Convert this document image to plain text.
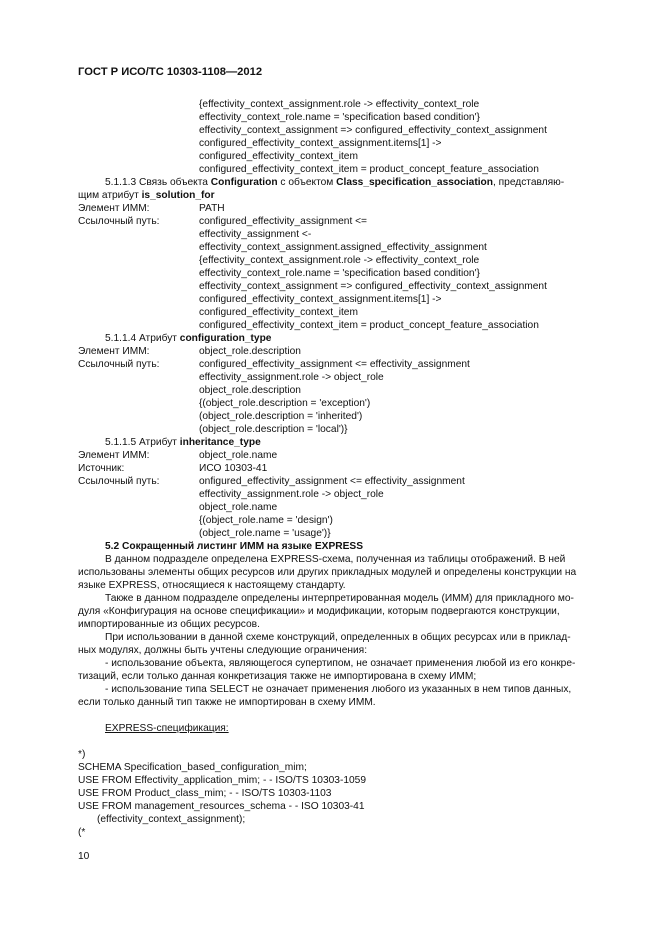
ГОСТ Р ИСО/ТС 10303-1108—2012
{effectivity_context_assignment.role -> effectivity_context_role
effectivity_context_role.name = 'specification based condition'}
effectivity_context_assignment => configured_effectivity_context_assignment
configured_effectivity_context_assignment.items[1] ->
configured_effectivity_context_item
configured_effectivity_context_item = product_concept_feature_association
5.1.1.3 Связь объекта Configuration с объектом Class_specification_association, представляю-
щим атрибут is_solution_for
Элемент ИММ:	PATH
Ссылочный путь:	configured_effectivity_assignment <=
effectivity_assignment <-
effectivity_context_assignment.assigned_effectivity_assignment
{effectivity_context_assignment.role -> effectivity_context_role
effectivity_context_role.name = 'specification based condition'}
effectivity_context_assignment => configured_effectivity_context_assignment
configured_effectivity_context_assignment.items[1] ->
configured_effectivity_context_item
configured_effectivity_context_item = product_concept_feature_association
5.1.1.4 Атрибут configuration_type
Элемент ИММ:	object_role.description
Ссылочный путь:	configured_effectivity_assignment <= effectivity_assignment
effectivity_assignment.role -> object_role
object_role.description
{(object_role.description = 'exception')
(object_role.description = 'inherited')
(object_role.description = 'local')}
5.1.1.5 Атрибут inheritance_type
Элемент ИММ:	object_role.name
Источник:	ИСО 10303-41
Ссылочный путь:	onfigured_effectivity_assignment <= effectivity_assignment
effectivity_assignment.role -> object_role
object_role.name
{(object_role.name = 'design')
(object_role.name = 'usage')}
5.2 Сокращенный листинг ИММ на языке EXPRESS
В данном подразделе определена EXPRESS-схема, полученная из таблицы отображений. В ней
использованы элементы общих ресурсов или других прикладных модулей и определены конструкции на
языке EXPRESS, относящиеся к настоящему стандарту.
Также в данном подразделе определены интерпретированная модель (ИММ) для прикладного мо-
дуля «Конфигурация на основе спецификации» и модификации, которым подвергаются конструкции,
импортированные из общих ресурсов.
При использовании в данной схеме конструкций, определенных в общих ресурсах или в приклад-
ных модулях, должны быть учтены следующие ограничения:
- использование объекта, являющегося супертипом, не означает применения любой из его конкре-
тизаций, если только данная конкретизация также не импортирована в схему ИММ;
- использование типа SELECT не означает применения любого из указанных в нем типов данных,
если только данный тип также не импортирован в схему ИММ.
EXPRESS-спецификация:
*)
SCHEMA Specification_based_configuration_mim;
USE FROM Effectivity_application_mim; - - ISO/TS 10303-1059
USE FROM Product_class_mim; - - ISO/TS 10303-1103
USE FROM management_resources_schema - - ISO 10303-41
(effectivity_context_assignment);
(*
10
